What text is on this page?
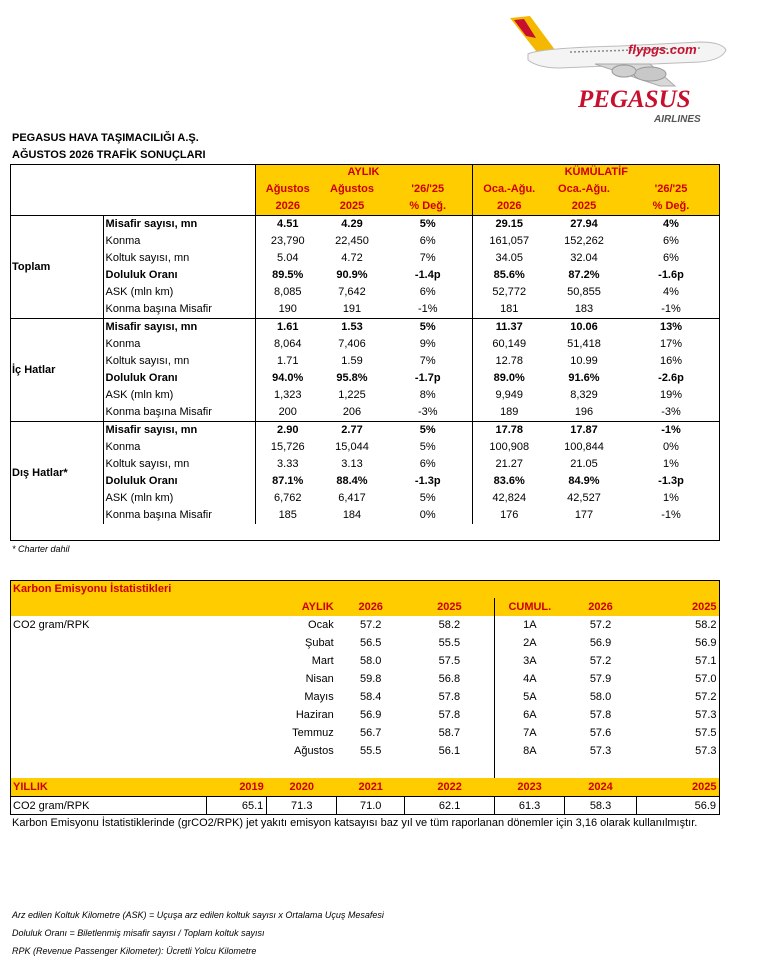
flypgs.com
PEGASUS
AIRLINES
PEGASUS HAVA TAŞIMACILIĞI A.Ş.
AĞUSTOS 2026 TRAFİK SONUÇLARI
		AYLIK			KÜMÜLATİF		
		Ağustos	Ağustos	'26/'25	Oca.-Ağu.	Oca.-Ağu.	'26/'25
		2026	2025	% Değ.	2026	2025	% Değ.
Toplam	Misafir sayısı, mn	4.51	4.29	5%	29.15	27.94	4%
	Konma	23,790	22,450	6%	161,057	152,262	6%
	Koltuk sayısı, mn	5.04	4.72	7%	34.05	32.04	6%
	Doluluk Oranı	89.5%	90.9%	-1.4p	85.6%	87.2%	-1.6p
	ASK (mln km)	8,085	7,642	6%	52,772	50,855	4%
	Konma başına Misafir	190	191	-1%	181	183	-1%
İç Hatlar	Misafir sayısı, mn	1.61	1.53	5%	11.37	10.06	13%
	Konma	8,064	7,406	9%	60,149	51,418	17%
	Koltuk sayısı, mn	1.71	1.59	7%	12.78	10.99	16%
	Doluluk Oranı	94.0%	95.8%	-1.7p	89.0%	91.6%	-2.6p
	ASK (mln km)	1,323	1,225	8%	9,949	8,329	19%
	Konma başına Misafir	200	206	-3%	189	196	-3%
Dış Hatlar*	Misafir sayısı, mn	2.90	2.77	5%	17.78	17.87	-1%
	Konma	15,726	15,044	5%	100,908	100,844	0%
	Koltuk sayısı, mn	3.33	3.13	6%	21.27	21.05	1%
	Doluluk Oranı	87.1%	88.4%	-1.3p	83.6%	84.9%	-1.3p
	ASK (mln km)	6,762	6,417	5%	42,824	42,527	1%
	Konma başına Misafir	185	184	0%	176	177	-1%
* Charter dahil
Karbon Emisyonu İstatistikleri							
	AYLIK		2026	2025	CUMUL.	2026	2025
CO2 gram/RPK	Ocak		57.2	58.2	1A	57.2	58.2
	Şubat		56.5	55.5	2A	56.9	56.9
	Mart		58.0	57.5	3A	57.2	57.1
	Nisan		59.8	56.8	4A	57.9	57.0
	Mayıs		58.4	57.8	5A	58.0	57.2
	Haziran		56.9	57.8	6A	57.8	57.3
	Temmuz		56.7	58.7	7A	57.6	57.5
	Ağustos		55.5	56.1	8A	57.3	57.3

YILLIK	2019	2020	2021	2022	2023	2024	2025
CO2 gram/RPK	65.1	71.3	71.0	62.1	61.3	58.3	56.9
Karbon Emisyonu İstatistiklerinde (grCO2/RPK) jet yakıtı emisyon katsayısı baz yıl ve tüm raporlanan dönemler için 3,16 olarak kullanılmıştır.
Arz edilen Koltuk Kilometre (ASK) = Uçuşa arz edilen koltuk sayısı x Ortalama Uçuş Mesafesi
Doluluk Oranı = Biletlenmiş misafir sayısı / Toplam koltuk sayısı
RPK (Revenue Passenger Kilometer): Ücretli Yolcu Kilometre
